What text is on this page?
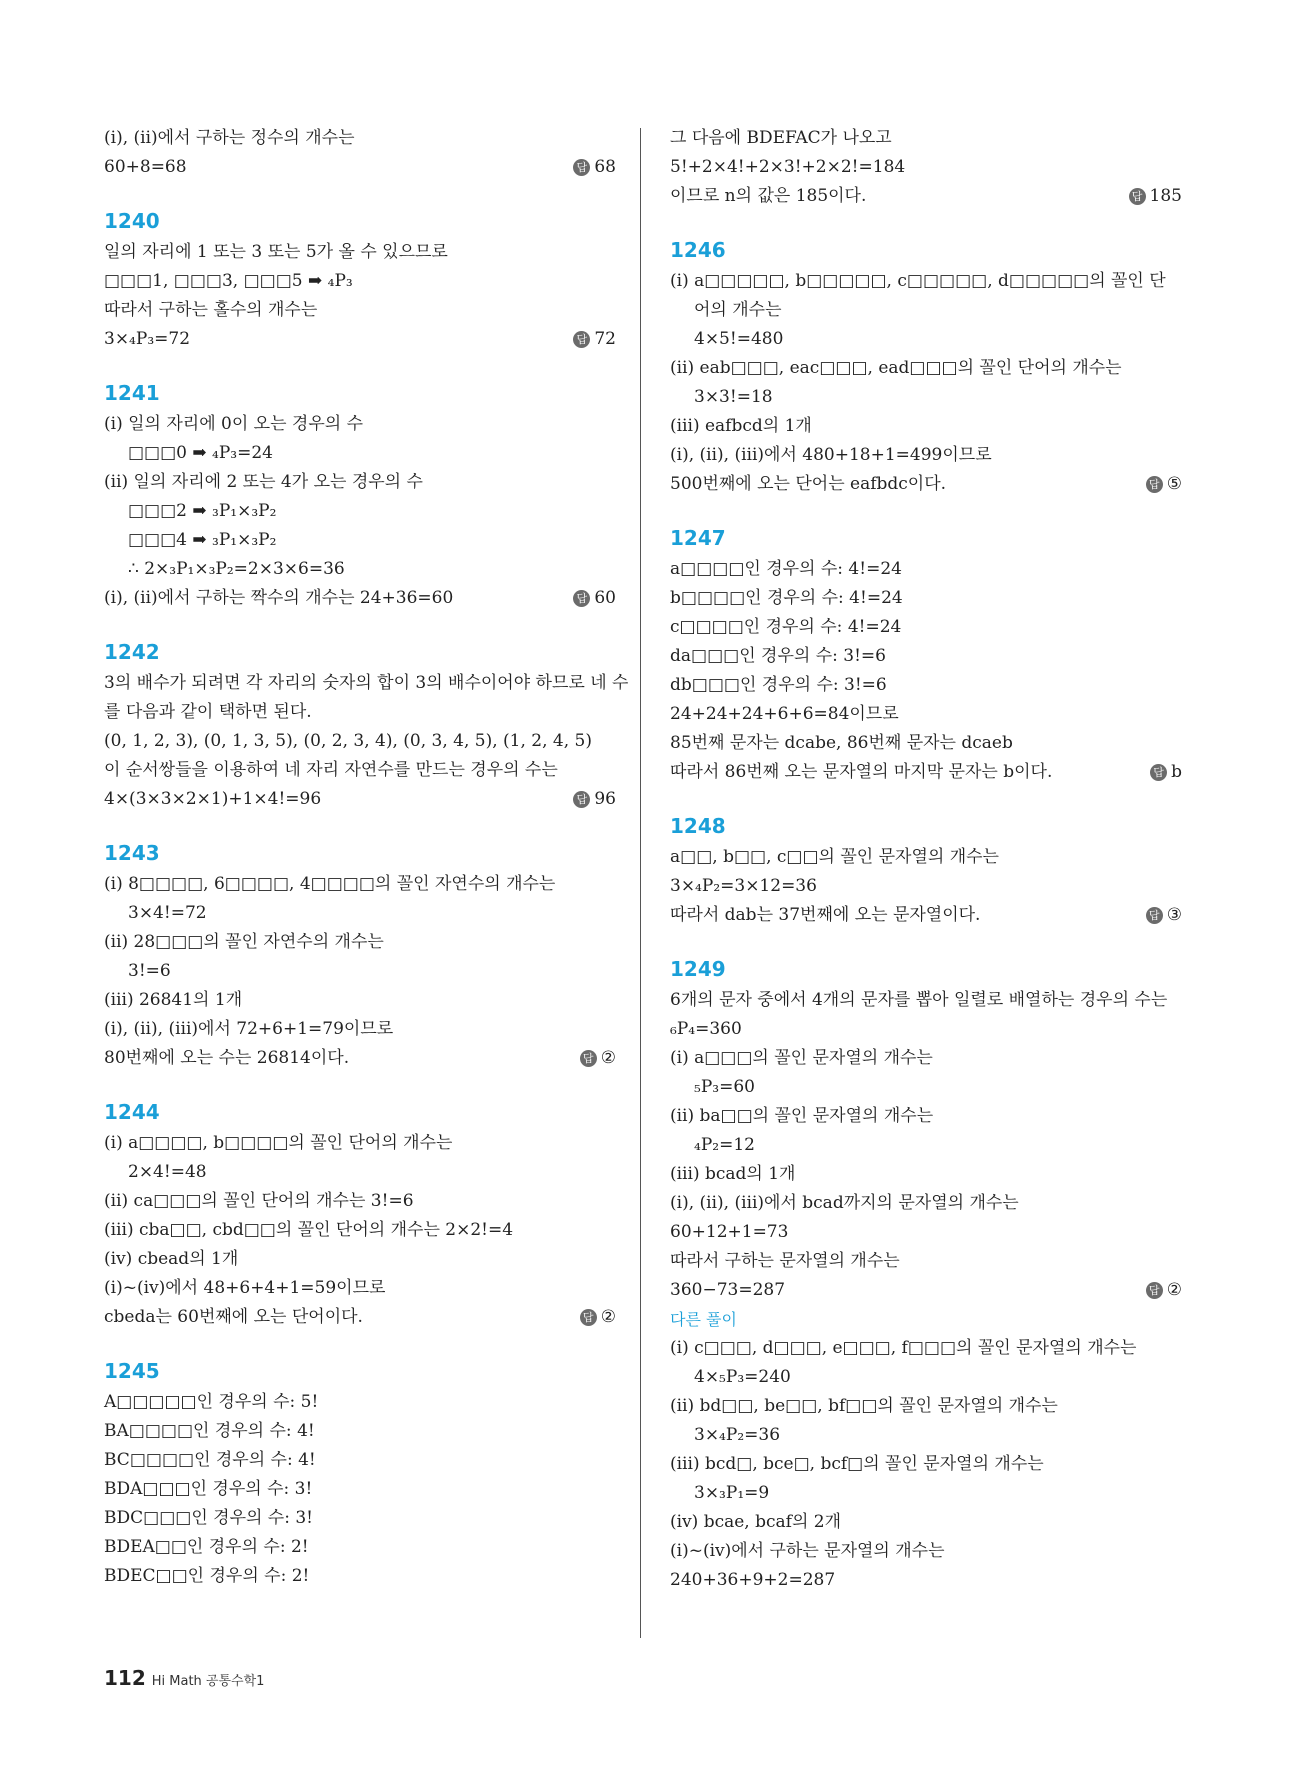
(ⅰ), (ⅱ)에서 구하는 정수의 개수는
60+8=68	답 68
1240
일의 자리에 1 또는 3 또는 5가 올 수 있으므로
□□□1, □□□3, □□□5 ➡ ₄P₃
따라서 구하는 홀수의 개수는
3×₄P₃=72	답 72
1241
(ⅰ) 일의 자리에 0이 오는 경우의 수
□□□0 ➡ ₄P₃=24
(ⅱ) 일의 자리에 2 또는 4가 오는 경우의 수
□□□2 ➡ ₃P₁×₃P₂
□□□4 ➡ ₃P₁×₃P₂
∴ 2×₃P₁×₃P₂=2×3×6=36
(ⅰ), (ⅱ)에서 구하는 짝수의 개수는 24+36=60	답 60
1242
3의 배수가 되려면 각 자리의 숫자의 합이 3의 배수이어야 하므로 네 수
를 다음과 같이 택하면 된다.
(0, 1, 2, 3), (0, 1, 3, 5), (0, 2, 3, 4), (0, 3, 4, 5), (1, 2, 4, 5)
이 순서쌍들을 이용하여 네 자리 자연수를 만드는 경우의 수는
4×(3×3×2×1)+1×4!=96	답 96
1243
(ⅰ) 8□□□□, 6□□□□, 4□□□□의 꼴인 자연수의 개수는
3×4!=72
(ⅱ) 28□□□의 꼴인 자연수의 개수는
3!=6
(ⅲ) 26841의 1개
(ⅰ), (ⅱ), (ⅲ)에서 72+6+1=79이므로
80번째에 오는 수는 26814이다.	답 ②
1244
(ⅰ) a□□□□, b□□□□의 꼴인 단어의 개수는
2×4!=48
(ⅱ) ca□□□의 꼴인 단어의 개수는 3!=6
(ⅲ) cba□□, cbd□□의 꼴인 단어의 개수는 2×2!=4
(ⅳ) cbead의 1개
(ⅰ)~(ⅳ)에서 48+6+4+1=59이므로
cbeda는 60번째에 오는 단어이다.	답 ②
1245
A□□□□□인 경우의 수: 5!
BA□□□□인 경우의 수: 4!
BC□□□□인 경우의 수: 4!
BDA□□□인 경우의 수: 3!
BDC□□□인 경우의 수: 3!
BDEA□□인 경우의 수: 2!
BDEC□□인 경우의 수: 2!
그 다음에 BDEFAC가 나오고
5!+2×4!+2×3!+2×2!=184
이므로 n의 값은 185이다.	답 185
1246
(ⅰ) a□□□□□, b□□□□□, c□□□□□, d□□□□□의 꼴인 단
어의 개수는
4×5!=480
(ⅱ) eab□□□, eac□□□, ead□□□의 꼴인 단어의 개수는
3×3!=18
(ⅲ) eafbcd의 1개
(ⅰ), (ⅱ), (ⅲ)에서 480+18+1=499이므로
500번째에 오는 단어는 eafbdc이다.	답 ⑤
1247
a□□□□인 경우의 수: 4!=24
b□□□□인 경우의 수: 4!=24
c□□□□인 경우의 수: 4!=24
da□□□인 경우의 수: 3!=6
db□□□인 경우의 수: 3!=6
24+24+24+6+6=84이므로
85번째 문자는 dcabe, 86번째 문자는 dcaeb
따라서 86번째 오는 문자열의 마지막 문자는 b이다.	답 b
1248
a□□, b□□, c□□의 꼴인 문자열의 개수는
3×₄P₂=3×12=36
따라서 dab는 37번째에 오는 문자열이다.	답 ③
1249
6개의 문자 중에서 4개의 문자를 뽑아 일렬로 배열하는 경우의 수는
₆P₄=360
(ⅰ) a□□□의 꼴인 문자열의 개수는
₅P₃=60
(ⅱ) ba□□의 꼴인 문자열의 개수는
₄P₂=12
(ⅲ) bcad의 1개
(ⅰ), (ⅱ), (ⅲ)에서 bcad까지의 문자열의 개수는
60+12+1=73
따라서 구하는 문자열의 개수는
360−73=287	답 ②
다른 풀이
(ⅰ) c□□□, d□□□, e□□□, f□□□의 꼴인 문자열의 개수는
4×₅P₃=240
(ⅱ) bd□□, be□□, bf□□의 꼴인 문자열의 개수는
3×₄P₂=36
(ⅲ) bcd□, bce□, bcf□의 꼴인 문자열의 개수는
3×₃P₁=9
(ⅳ) bcae, bcaf의 2개
(ⅰ)~(ⅳ)에서 구하는 문자열의 개수는
240+36+9+2=287
112 Hi Math 공통수학1
